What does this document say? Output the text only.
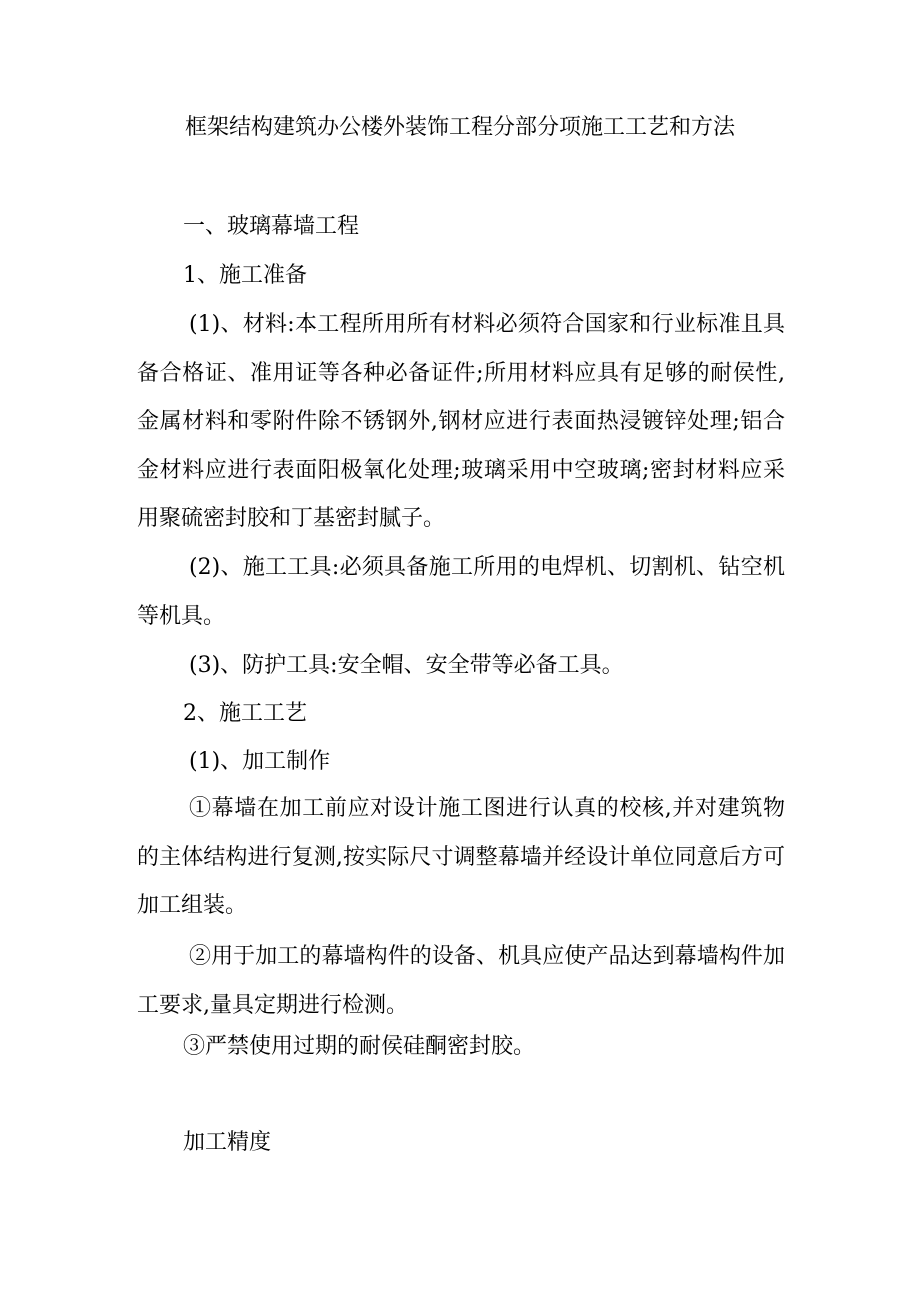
框架结构建筑办公楼外装饰工程分部分项施工工艺和方法
一、玻璃幕墙工程
1、施工准备
(1)、材料:本工程所用所有材料必须符合国家和行业标准且具备合格证、准用证等各种必备证件;所用材料应具有足够的耐侯性,金属材料和零附件除不锈钢外,钢材应进行表面热浸镀锌处理;铝合金材料应进行表面阳极氧化处理;玻璃采用中空玻璃;密封材料应采用聚硫密封胶和丁基密封腻子。
(2)、施工工具:必须具备施工所用的电焊机、切割机、钻空机等机具。
(3)、防护工具:安全帽、安全带等必备工具。
2、施工工艺
(1)、加工制作
①幕墙在加工前应对设计施工图进行认真的校核,并对建筑物的主体结构进行复测,按实际尺寸调整幕墙并经设计单位同意后方可加工组装。
②用于加工的幕墙构件的设备、机具应使产品达到幕墙构件加工要求,量具定期进行检测。
③严禁使用过期的耐侯硅酮密封胶。
加工精度
